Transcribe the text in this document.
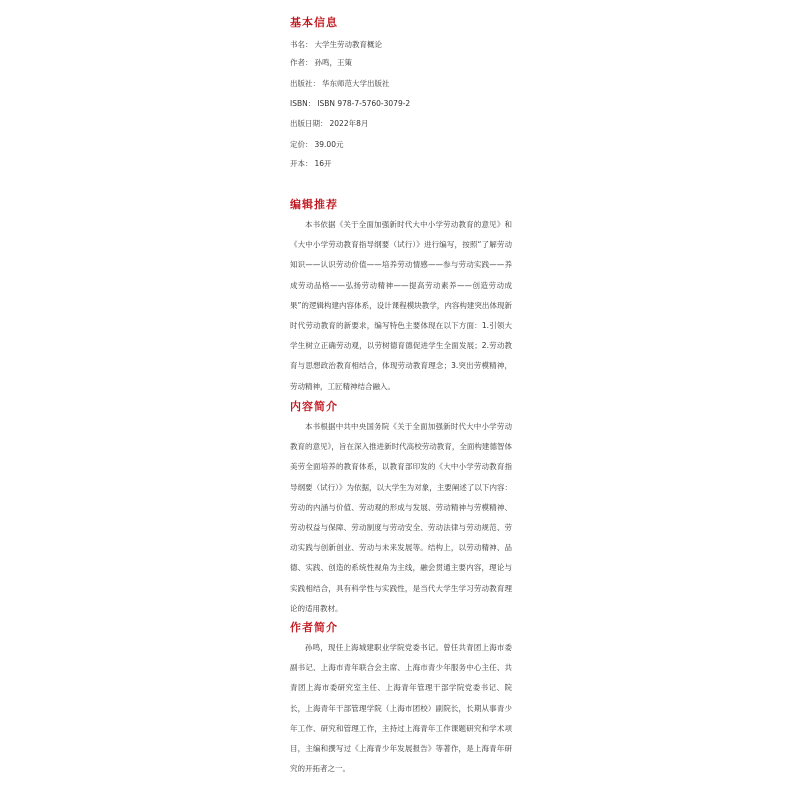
基本信息
书名： 大学生劳动教育概论
作者： 孙鸣，王策
出版社： 华东师范大学出版社
ISBN： ISBN 978-7-5760-3079-2
出版日期： 2022年8月
定价： 39.00元
开本： 16开
编辑推荐

本书依据《关于全面加强新时代大中小学劳动教育的意见》和《大中小学劳动教育指导纲要（试行）》进行编写，按照“了解劳动知识——认识劳动价值——培养劳动情感——参与劳动实践——养成劳动品格——弘扬劳动精神——提高劳动素养——创造劳动成果”的逻辑构建内容体系，设计课程模块教学，内容构建突出体现新时代劳动教育的新要求，编写特色主要体现在以下方面：1.引领大学生树立正确劳动观，以劳树德育德促进学生全面发展；2.劳动教育与思想政治教育相结合，体现劳动教育理念；3.突出劳模精神，劳动精神，工匠精神结合融入。

内容简介

本书根据中共中央国务院《关于全面加强新时代大中小学劳动教育的意见》，旨在深入推进新时代高校劳动教育，全面构建德智体美劳全面培养的教育体系，以教育部印发的《大中小学劳动教育指导纲要（试行）》为依据，以大学生为对象，主要阐述了以下内容：劳动的内涵与价值、劳动观的形成与发展、劳动精神与劳模精神、劳动权益与保障、劳动制度与劳动安全、劳动法律与劳动规范、劳动实践与创新创业、劳动与未来发展等。结构上，以劳动精神、品德、实践、创造的系统性视角为主线，融会贯通主要内容，理论与实践相结合，具有科学性与实践性，是当代大学生学习劳动教育理论的适用教材。

作者简介

孙鸣，现任上海城建职业学院党委书记。曾任共青团上海市委副书记、上海市青年联合会主席、上海市青少年服务中心主任、共青团上海市委研究室主任、上海青年管理干部学院党委书记、院长，上海青年干部管理学院（上海市团校）副院长，长期从事青少年工作、研究和管理工作，主持过上海青年工作课题研究和学术项目，主编和撰写过《上海青少年发展报告》等著作，是上海青年研究的开拓者之一。
